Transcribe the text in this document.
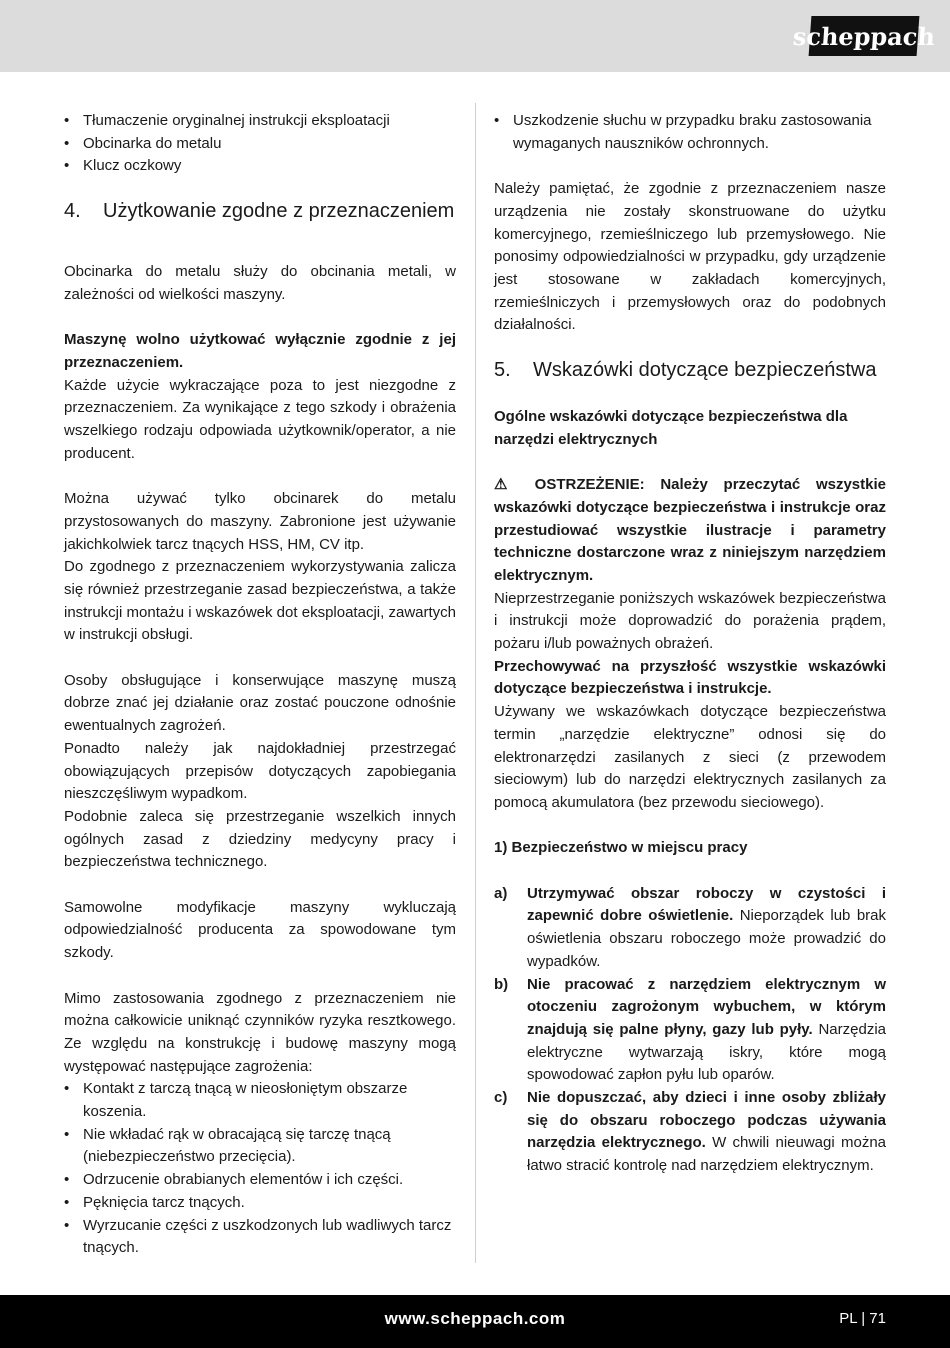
scheppach
• Tłumaczenie oryginalnej instrukcji eksploatacji
• Obcinarka do metalu
• Klucz oczkowy
4.	Użytkowanie zgodne z przeznaczeniem

Obcinarka do metalu służy do obcinania metali, w zależności od wielkości maszyny.

Maszynę wolno użytkować wyłącznie zgodnie z jej przeznaczeniem.

Każde użycie wykraczające poza to jest niezgodne z przeznaczeniem. Za wynikające z tego szkody i obrażenia wszelkiego rodzaju odpowiada użytkownik/operator, a nie producent.

Można używać tylko obcinarek do metalu przystosowanych do maszyny. Zabronione jest używanie jakichkolwiek tarcz tnących HSS, HM, CV itp.

Do zgodnego z przeznaczeniem wykorzystywania zalicza się również przestrzeganie zasad bezpieczeństwa, a także instrukcji montażu i wskazówek dot eksploatacji, zawartych w instrukcji obsługi.

Osoby obsługujące i konserwujące maszynę muszą dobrze znać jej działanie oraz zostać pouczone odnośnie ewentualnych zagrożeń.

Ponadto należy jak najdokładniej przestrzegać obowiązujących przepisów dotyczących zapobiegania nieszczęśliwym wypadkom.

Podobnie zaleca się przestrzeganie wszelkich innych ogólnych zasad z dziedziny medycyny pracy i bezpieczeństwa technicznego.

Samowolne modyfikacje maszyny wykluczają odpowiedzialność producenta za spowodowane tym szkody.

Mimo zastosowania zgodnego z przeznaczeniem nie można całkowicie uniknąć czynników ryzyka resztkowego. Ze względu na konstrukcję i budowę maszyny mogą występować następujące zagrożenia:

• Kontakt z tarczą tnącą w nieosłoniętym obszarze koszenia.
• Nie wkładać rąk w obracającą się tarczę tnącą (niebezpieczeństwo przecięcia).
• Odrzucenie obrabianych elementów i ich części.
• Pęknięcia tarcz tnących.
• Wyrzucanie części z uszkodzonych lub wadliwych tarcz tnących.
• Uszkodzenie słuchu w przypadku braku zastosowania wymaganych nauszników ochronnych.

Należy pamiętać, że zgodnie z przeznaczeniem nasze urządzenia nie zostały skonstruowane do użytku komercyjnego, rzemieślniczego lub przemysłowego. Nie ponosimy odpowiedzialności w przypadku, gdy urządzenie jest stosowane w zakładach komercyjnych, rzemieślniczych i przemysłowych oraz do podobnych działalności.

5.	Wskazówki dotyczące bezpieczeństwa

Ogólne wskazówki dotyczące bezpieczeństwa dla narzędzi elektrycznych

⚠ OSTRZEŻENIE: Należy przeczytać wszystkie wskazówki dotyczące bezpieczeństwa i instrukcje oraz przestudiować wszystkie ilustracje i parametry techniczne dostarczone wraz z niniejszym narzędziem elektrycznym.

Nieprzestrzeganie poniższych wskazówek bezpieczeństwa i instrukcji może doprowadzić do porażenia prądem, pożaru i/lub poważnych obrażeń.

Przechowywać na przyszłość wszystkie wskazówki dotyczące bezpieczeństwa i instrukcje.

Używany we wskazówkach dotyczące bezpieczeństwa termin „narzędzie elektryczne” odnosi się do elektronarzędzi zasilanych z sieci (z przewodem sieciowym) lub do narzędzi elektrycznych zasilanych za pomocą akumulatora (bez przewodu sieciowego).

1) Bezpieczeństwo w miejscu pracy

a)	Utrzymywać obszar roboczy w czystości i zapewnić dobre oświetlenie. Nieporządek lub brak oświetlenia obszaru roboczego może prowadzić do wypadków.
b)	Nie pracować z narzędziem elektrycznym w otoczeniu zagrożonym wybuchem, w którym znajdują się palne płyny, gazy lub pyły. Narzędzia elektryczne wytwarzają iskry, które mogą spowodować zapłon pyłu lub oparów.
c)	Nie dopuszczać, aby dzieci i inne osoby zbliżały się do obszaru roboczego podczas używania narzędzia elektrycznego. W chwili nieuwagi można łatwo stracić kontrolę nad narzędziem elektrycznym.
www.scheppach.com	PL | 71
